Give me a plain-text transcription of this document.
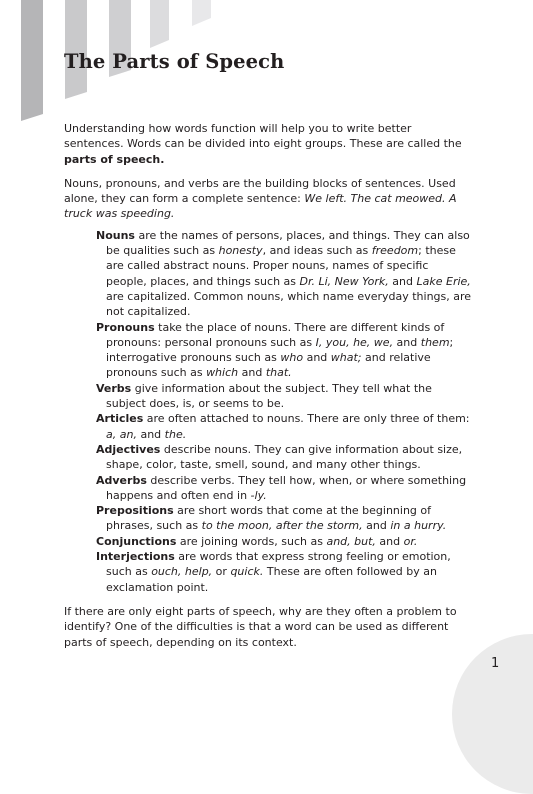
The Parts of Speech

Understanding how words function will help you to write better sentences. Words can be divided into eight groups. These are called the parts of speech.

Nouns, pronouns, and verbs are the building blocks of sentences. Used alone, they can form a complete sentence: We left. The cat meowed. A truck was speeding.

Nouns are the names of persons, places, and things. They can also be qualities such as honesty, and ideas such as freedom; these are called abstract nouns. Proper nouns, names of specific people, places, and things such as Dr. Li, New York, and Lake Erie, are capitalized. Common nouns, which name everyday things, are not capitalized.

Pronouns take the place of nouns. There are different kinds of pronouns: personal pronouns such as I, you, he, we, and them; interrogative pronouns such as who and what; and relative pronouns such as which and that.

Verbs give information about the subject. They tell what the subject does, is, or seems to be.

Articles are often attached to nouns. There are only three of them: a, an, and the.

Adjectives describe nouns. They can give information about size, shape, color, taste, smell, sound, and many other things.

Adverbs describe verbs. They tell how, when, or where something happens and often end in -ly.

Prepositions are short words that come at the beginning of phrases, such as to the moon, after the storm, and in a hurry.

Conjunctions are joining words, such as and, but, and or.

Interjections are words that express strong feeling or emotion, such as ouch, help, or quick. These are often followed by an exclamation point.

If there are only eight parts of speech, why are they often a problem to identify? One of the difficulties is that a word can be used as different parts of speech, depending on its context.

1
